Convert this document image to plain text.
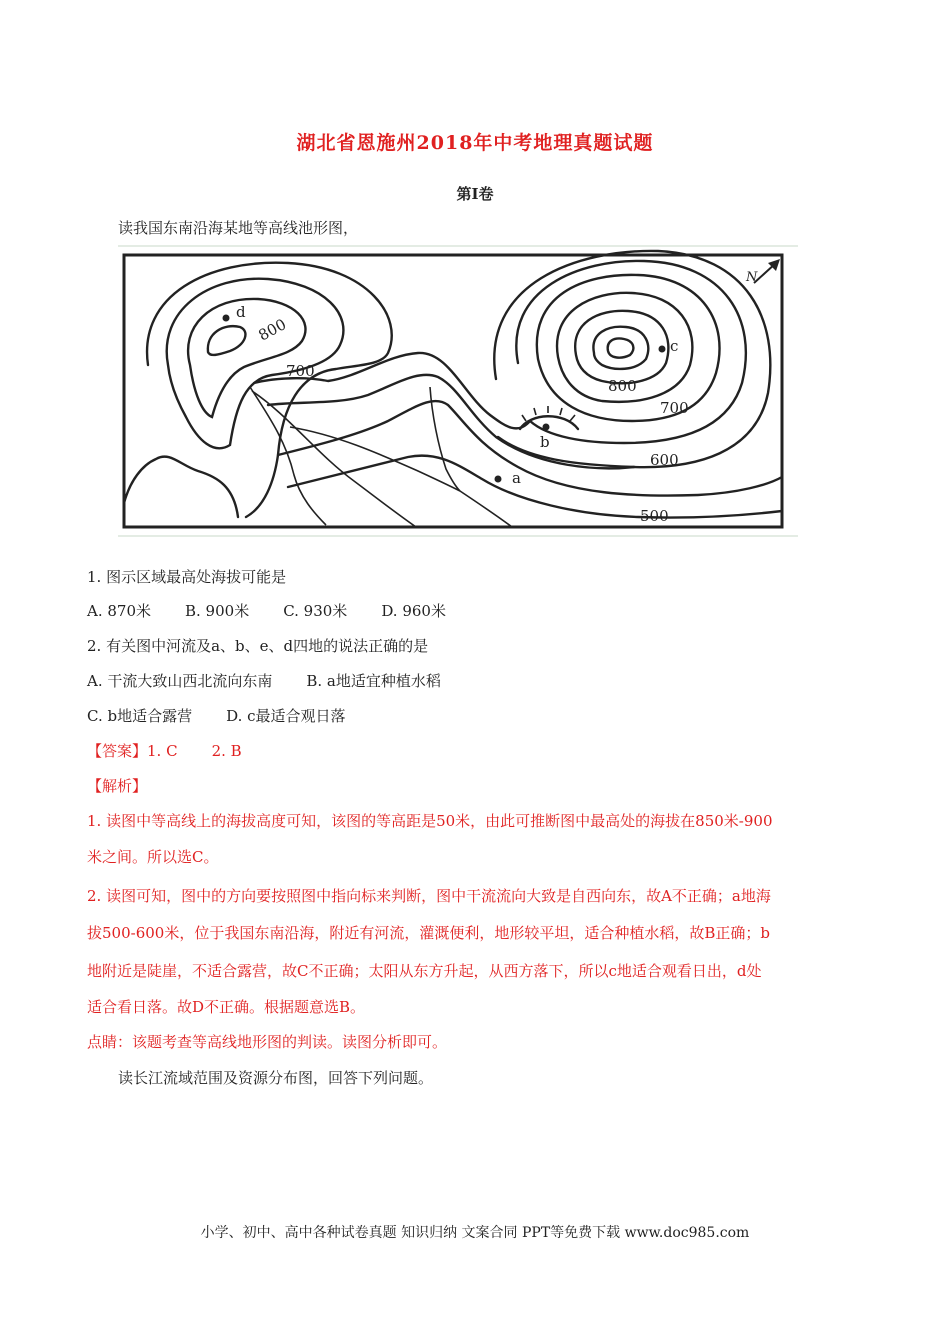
湖北省恩施州2018年中考地理真题试题
第Ⅰ卷
读我国东南沿海某地等高线池形图，
d
c
b
a
800
700
800
700
600
500
N
1. 图示区域最高处海拔可能是
A. 870米 B. 900米 C. 930米 D. 960米
2. 有关图中河流及a、b、e、d四地的说法正确的是
A. 干流大致山西北流向东南 B. a地适宜种植水稻
C. b地适合露营 D. c最适合观日落
【答案】1. C 2. B
【解析】
1. 读图中等高线上的海拔高度可知，该图的等高距是50米，由此可推断图中最高处的海拔在850米-900
米之间。所以选C。
2. 读图可知，图中的方向要按照图中指向标来判断，图中干流流向大致是自西向东，故A不正确；a地海
拔500-600米，位于我国东南沿海，附近有河流，灌溉便利，地形较平坦，适合种植水稻，故B正确；b
地附近是陡崖，不适合露营，故C不正确；太阳从东方升起，从西方落下，所以c地适合观看日出，d处
适合看日落。故D不正确。根据题意选B。
点睛：该题考查等高线地形图的判读。读图分析即可。
读长江流域范围及资源分布图，回答下列问题。
小学、初中、高中各种试卷真题 知识归纳 文案合同 PPT等免费下载 www.doc985.com
